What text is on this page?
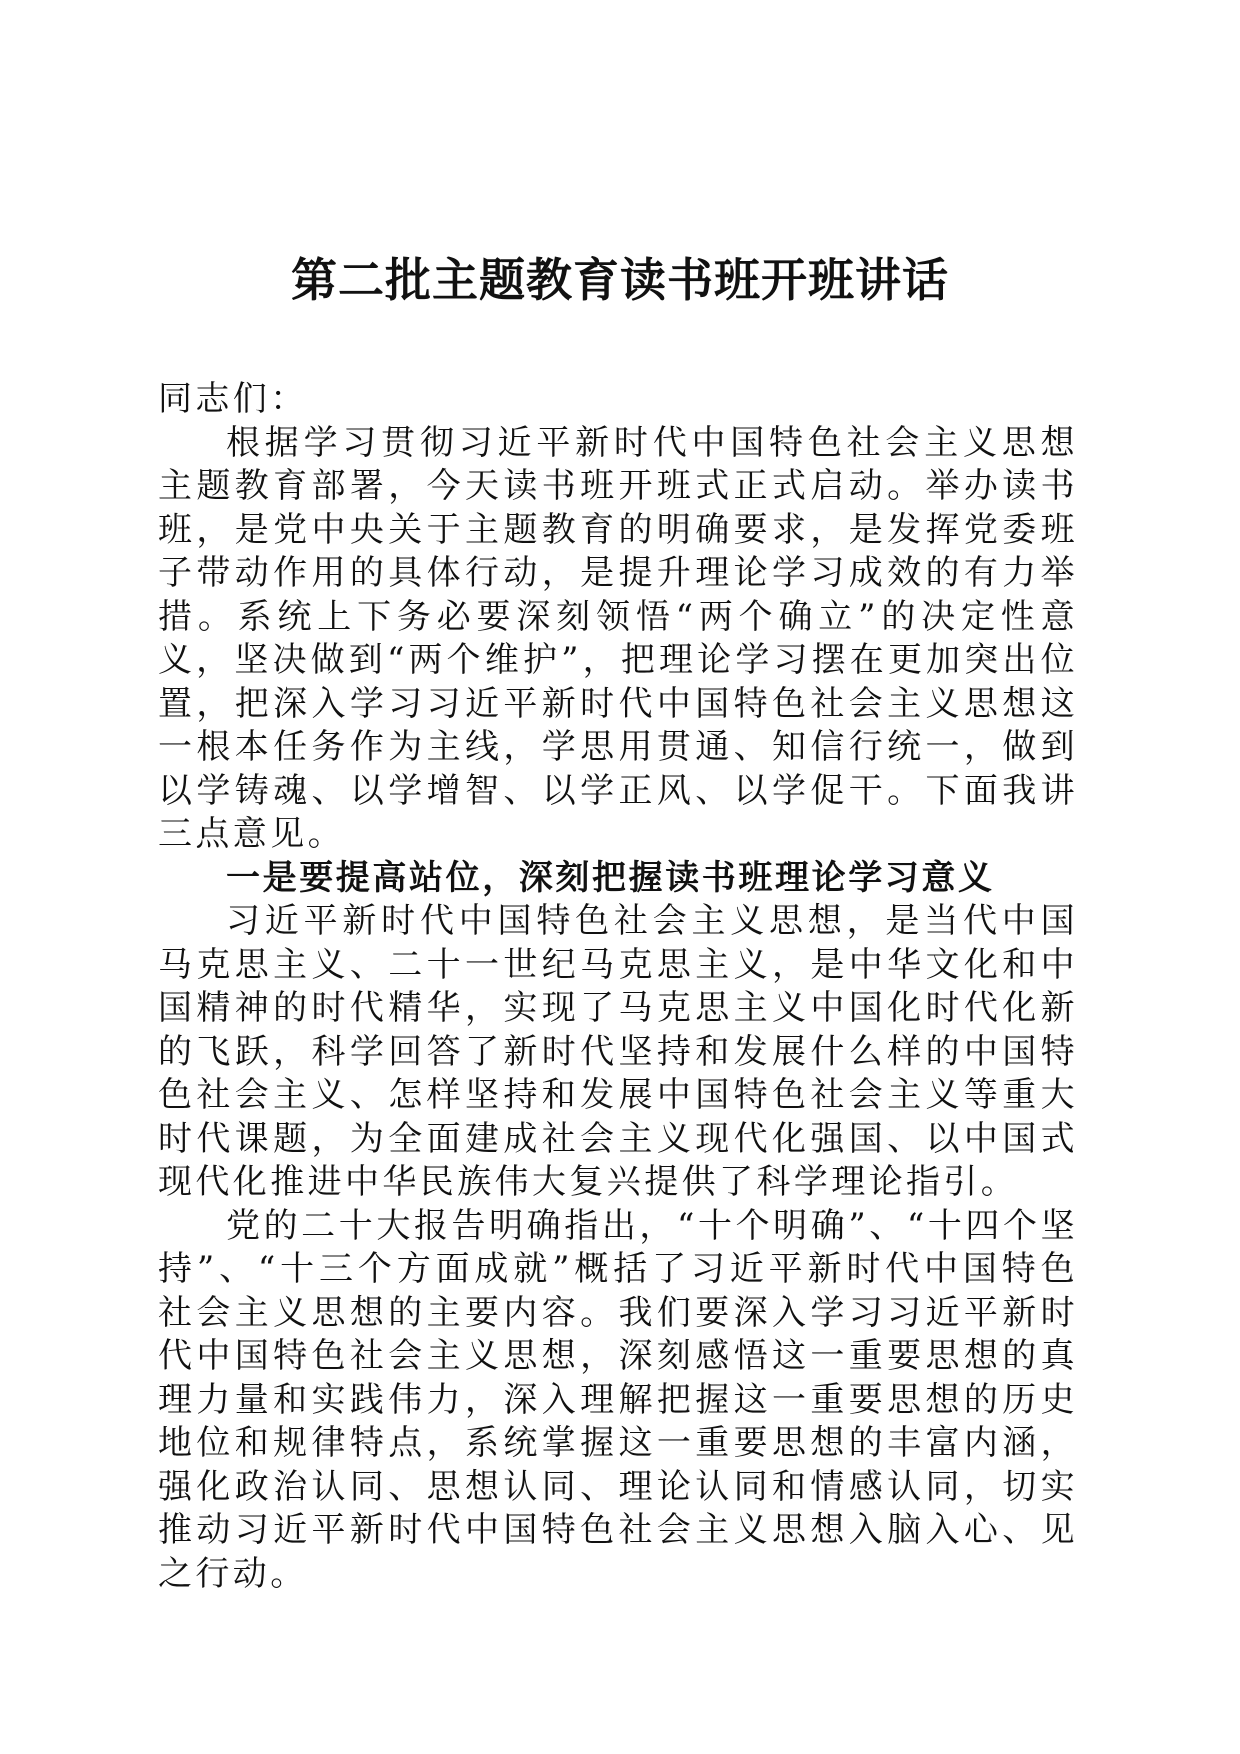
第二批主题教育读书班开班讲话

同志们：

根据学习贯彻习近平新时代中国特色社会主义思想主题教育部署，今天读书班开班式正式启动。举办读书班，是党中央关于主题教育的明确要求，是发挥党委班子带动作用的具体行动，是提升理论学习成效的有力举措。系统上下务必要深刻领悟“两个确立”的决定性意义，坚决做到“两个维护”，把理论学习摆在更加突出位置，把深入学习习近平新时代中国特色社会主义思想这一根本任务作为主线，学思用贯通、知信行统一，做到以学铸魂、以学增智、以学正风、以学促干。下面我讲三点意见。

一是要提高站位，深刻把握读书班理论学习意义

习近平新时代中国特色社会主义思想，是当代中国马克思主义、二十一世纪马克思主义，是中华文化和中国精神的时代精华，实现了马克思主义中国化时代化新的飞跃，科学回答了新时代坚持和发展什么样的中国特色社会主义、怎样坚持和发展中国特色社会主义等重大时代课题，为全面建成社会主义现代化强国、以中国式现代化推进中华民族伟大复兴提供了科学理论指引。

党的二十大报告明确指出，“十个明确”、“十四个坚持”、“十三个方面成就”概括了习近平新时代中国特色社会主义思想的主要内容。我们要深入学习习近平新时代中国特色社会主义思想，深刻感悟这一重要思想的真理力量和实践伟力，深入理解把握这一重要思想的历史地位和规律特点，系统掌握这一重要思想的丰富内涵，强化政治认同、思想认同、理论认同和情感认同，切实推动习近平新时代中国特色社会主义思想入脑入心、见之行动。
